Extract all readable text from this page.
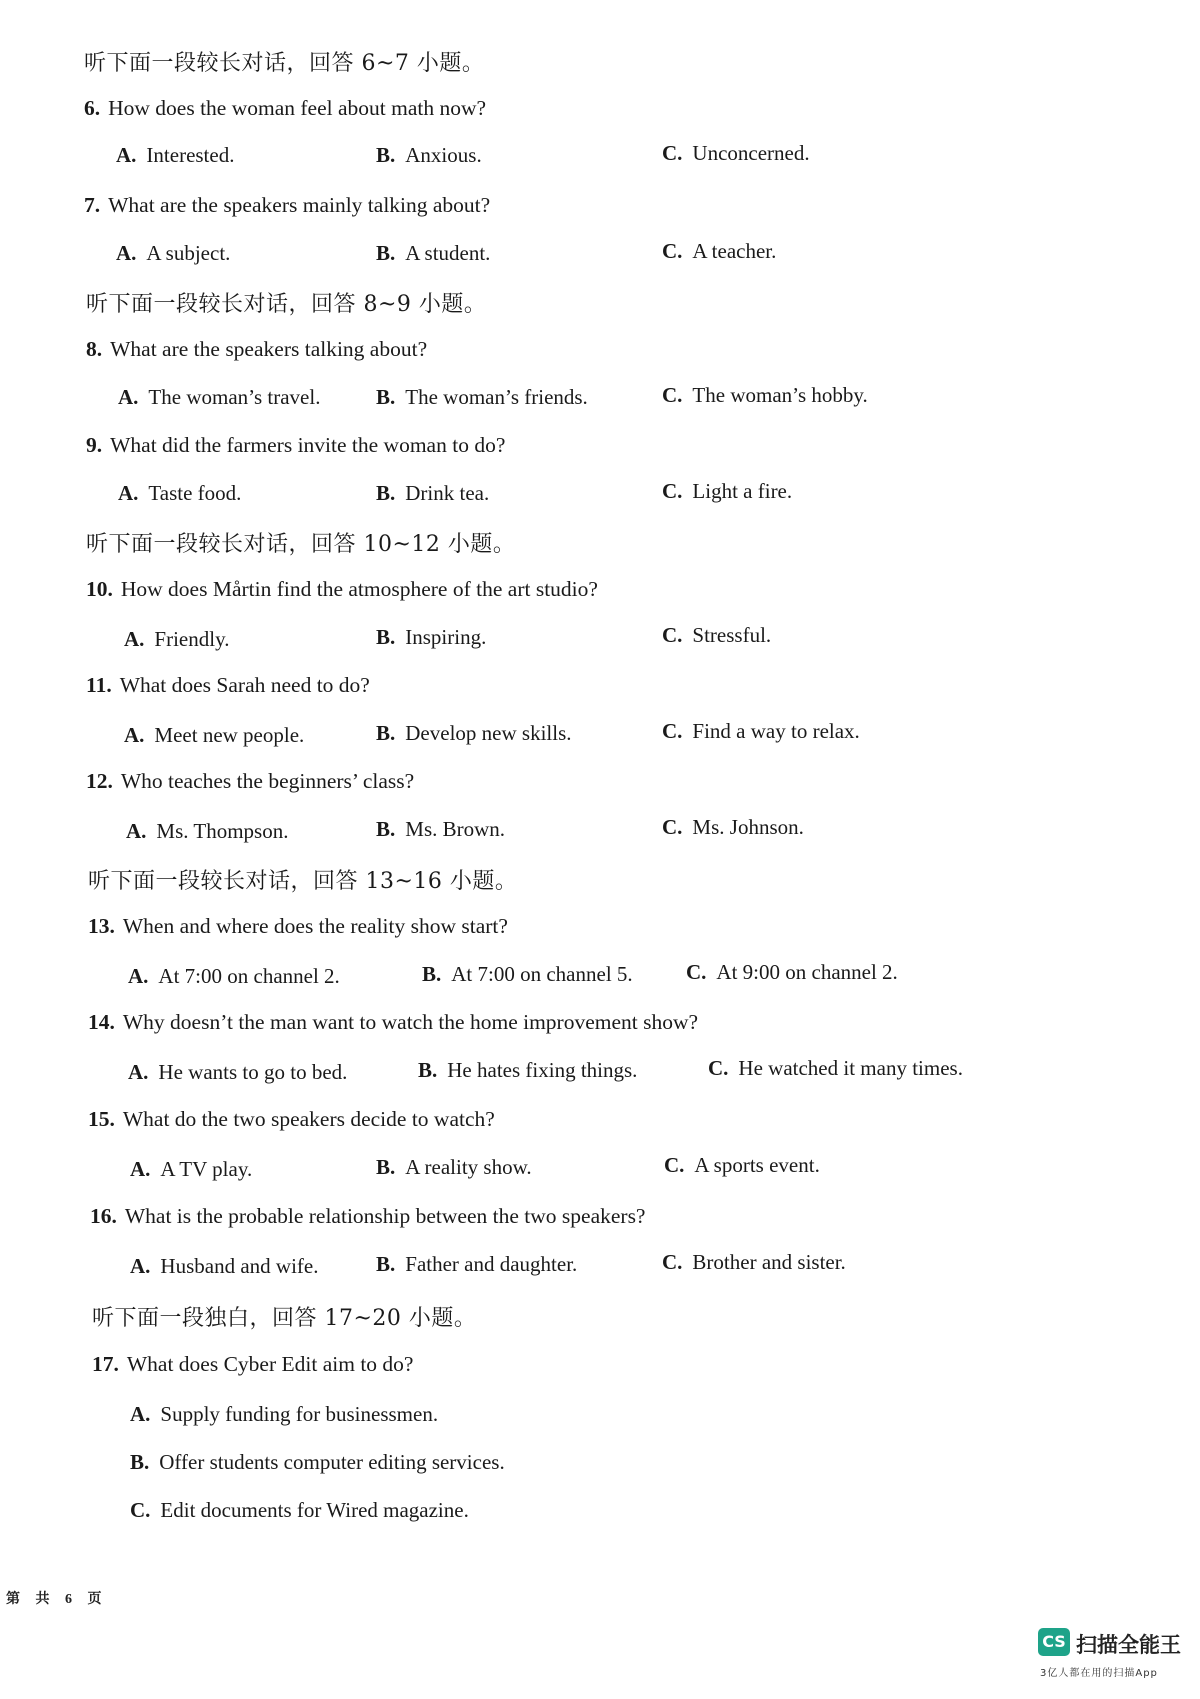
听下面一段较长对话，回答 6~7 小题。
6. How does the woman feel about math now?
A. Interested.	B. Anxious.	C. Unconcerned.
7. What are the speakers mainly talking about?
A. A subject.	B. A student.	C. A teacher.
听下面一段较长对话，回答 8~9 小题。
8. What are the speakers talking about?
A. The woman’s travel.	B. The woman’s friends.	C. The woman’s hobby.
9. What did the farmers invite the woman to do?
A. Taste food.	B. Drink tea.	C. Light a fire.
听下面一段较长对话，回答 10~12 小题。
10. How does Mårtin find the atmosphere of the art studio?
A. Friendly.	B. Inspiring.	C. Stressful.
11. What does Sarah need to do?
A. Meet new people.	B. Develop new skills.	C. Find a way to relax.
12. Who teaches the beginners’ class?
A. Ms. Thompson.	B. Ms. Brown.	C. Ms. Johnson.
听下面一段较长对话，回答 13~16 小题。
13. When and where does the reality show start?
A. At 7:00 on channel 2.	B. At 7:00 on channel 5.	C. At 9:00 on channel 2.
14. Why doesn’t the man want to watch the home improvement show?
A. He wants to go to bed.	B. He hates fixing things.	C. He watched it many times.
15. What do the two speakers decide to watch?
A. A TV play.	B. A reality show.	C. A sports event.
16. What is the probable relationship between the two speakers?
A. Husband and wife.	B. Father and daughter.	C. Brother and sister.
听下面一段独白，回答 17~20 小题。
17. What does Cyber Edit aim to do?
A. Supply funding for businessmen.
B. Offer students computer editing services.
C. Edit documents for Wired magazine.
第 共 6 页
CS 扫描全能王
3亿人都在用的扫描App
